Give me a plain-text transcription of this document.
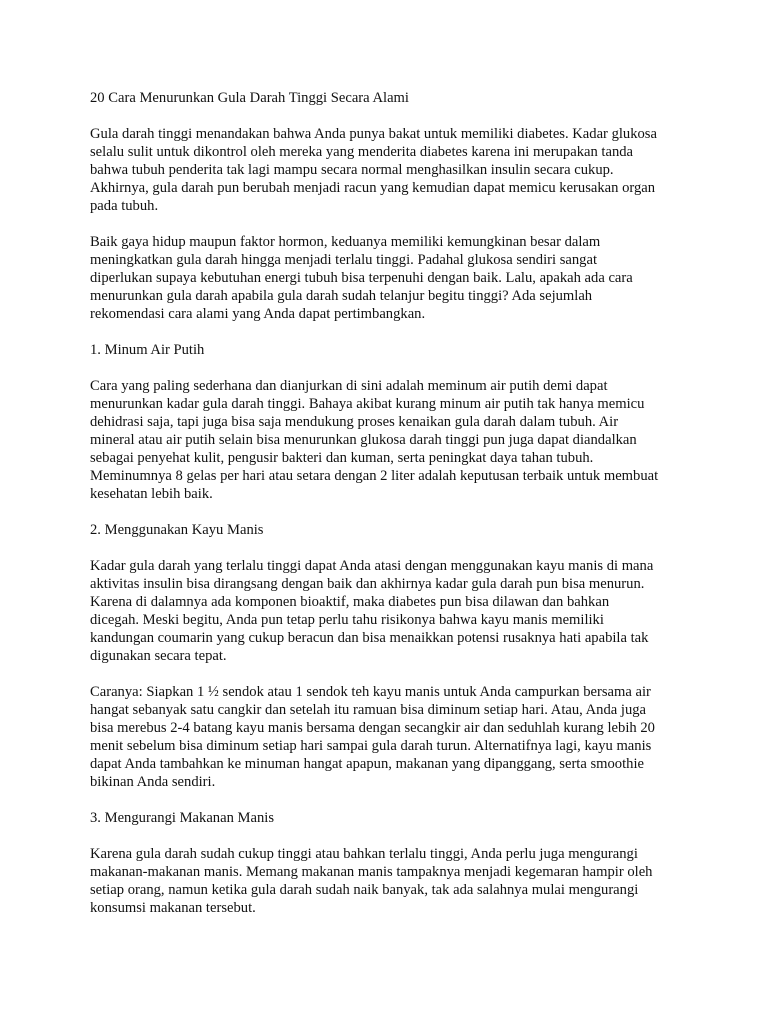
20 Cara Menurunkan Gula Darah Tinggi Secara Alami

Gula darah tinggi menandakan bahwa Anda punya bakat untuk memiliki diabetes. Kadar glukosa
selalu sulit untuk dikontrol oleh mereka yang menderita diabetes karena ini merupakan tanda
bahwa tubuh penderita tak lagi mampu secara normal menghasilkan insulin secara cukup.
Akhirnya, gula darah pun berubah menjadi racun yang kemudian dapat memicu kerusakan organ
pada tubuh.

Baik gaya hidup maupun faktor hormon, keduanya memiliki kemungkinan besar dalam
meningkatkan gula darah hingga menjadi terlalu tinggi. Padahal glukosa sendiri sangat
diperlukan supaya kebutuhan energi tubuh bisa terpenuhi dengan baik. Lalu, apakah ada cara
menurunkan gula darah apabila gula darah sudah telanjur begitu tinggi? Ada sejumlah
rekomendasi cara alami yang Anda dapat pertimbangkan.

1. Minum Air Putih

Cara yang paling sederhana dan dianjurkan di sini adalah meminum air putih demi dapat
menurunkan kadar gula darah tinggi. Bahaya akibat kurang minum air putih tak hanya memicu
dehidrasi saja, tapi juga bisa saja mendukung proses kenaikan gula darah dalam tubuh. Air
mineral atau air putih selain bisa menurunkan glukosa darah tinggi pun juga dapat diandalkan
sebagai penyehat kulit, pengusir bakteri dan kuman, serta peningkat daya tahan tubuh.
Meminumnya 8 gelas per hari atau setara dengan 2 liter adalah keputusan terbaik untuk membuat
kesehatan lebih baik.

2. Menggunakan Kayu Manis

Kadar gula darah yang terlalu tinggi dapat Anda atasi dengan menggunakan kayu manis di mana
aktivitas insulin bisa dirangsang dengan baik dan akhirnya kadar gula darah pun bisa menurun.
Karena di dalamnya ada komponen bioaktif, maka diabetes pun bisa dilawan dan bahkan
dicegah. Meski begitu, Anda pun tetap perlu tahu risikonya bahwa kayu manis memiliki
kandungan coumarin yang cukup beracun dan bisa menaikkan potensi rusaknya hati apabila tak
digunakan secara tepat.

Caranya: Siapkan 1 ½ sendok atau 1 sendok teh kayu manis untuk Anda campurkan bersama air
hangat sebanyak satu cangkir dan setelah itu ramuan bisa diminum setiap hari. Atau, Anda juga
bisa merebus 2-4 batang kayu manis bersama dengan secangkir air dan seduhlah kurang lebih 20
menit sebelum bisa diminum setiap hari sampai gula darah turun. Alternatifnya lagi, kayu manis
dapat Anda tambahkan ke minuman hangat apapun, makanan yang dipanggang, serta smoothie
bikinan Anda sendiri.

3. Mengurangi Makanan Manis

Karena gula darah sudah cukup tinggi atau bahkan terlalu tinggi, Anda perlu juga mengurangi
makanan-makanan manis. Memang makanan manis tampaknya menjadi kegemaran hampir oleh
setiap orang, namun ketika gula darah sudah naik banyak, tak ada salahnya mulai mengurangi
konsumsi makanan tersebut.
